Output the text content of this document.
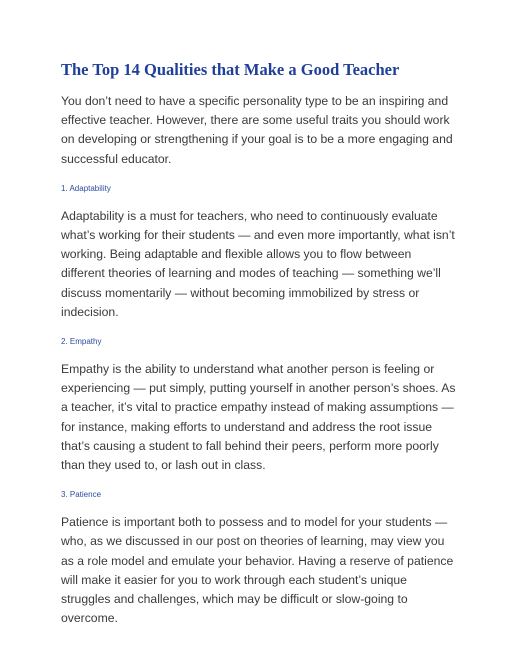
The Top 14 Qualities that Make a Good Teacher

You don’t need to have a specific personality type to be an inspiring and effective teacher. However, there are some useful traits you should work on developing or strengthening if your goal is to be a more engaging and successful educator.

1. Adaptability

Adaptability is a must for teachers, who need to continuously evaluate what’s working for their students — and even more importantly, what isn’t working. Being adaptable and flexible allows you to flow between different theories of learning and modes of teaching — something we’ll discuss momentarily — without becoming immobilized by stress or indecision.

2. Empathy

Empathy is the ability to understand what another person is feeling or experiencing — put simply, putting yourself in another person’s shoes. As a teacher, it’s vital to practice empathy instead of making assumptions — for instance, making efforts to understand and address the root issue that’s causing a student to fall behind their peers, perform more poorly than they used to, or lash out in class.

3. Patience

Patience is important both to possess and to model for your students — who, as we discussed in our post on theories of learning, may view you as a role model and emulate your behavior. Having a reserve of patience will make it easier for you to work through each student’s unique struggles and challenges, which may be difficult or slow-going to overcome.
